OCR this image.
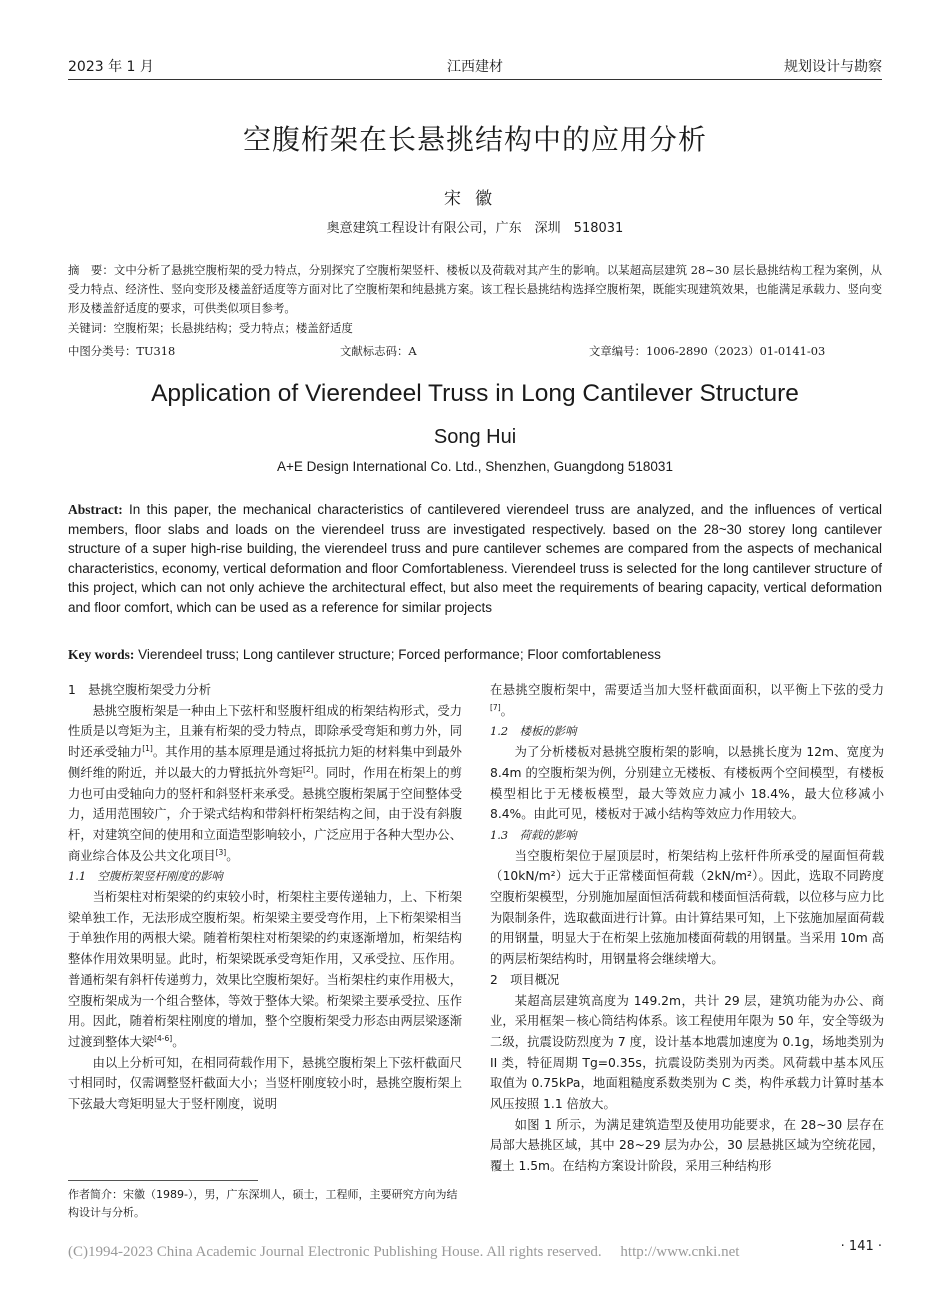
2023 年 1 月	江西建材	规划设计与勘察
空腹桁架在长悬挑结构中的应用分析
宋徽
奥意建筑工程设计有限公司，广东　深圳　518031
摘　要：文中分析了悬挑空腹桁架的受力特点，分别探究了空腹桁架竖杆、楼板以及荷载对其产生的影响。以某超高层建筑 28~30 层长悬挑结构工程为案例，从受力特点、经济性、竖向变形及楼盖舒适度等方面对比了空腹桁架和纯悬挑方案。该工程长悬挑结构选择空腹桁架，既能实现建筑效果，也能满足承载力、竖向变形及楼盖舒适度的要求，可供类似项目参考。
关键词：空腹桁架；长悬挑结构；受力特点；楼盖舒适度
中图分类号：TU318	文献标志码：A	文章编号：1006-2890（2023）01-0141-03
Application of Vierendeel Truss in Long Cantilever Structure
Song Hui
A+E Design International Co. Ltd., Shenzhen, Guangdong 518031
Abstract: In this paper, the mechanical characteristics of cantilevered vierendeel truss are analyzed, and the influences of vertical members, floor slabs and loads on the vierendeel truss are investigated respectively. based on the 28~30 storey long cantilever structure of a super high-rise building, the vierendeel truss and pure cantilever schemes are compared from the aspects of mechanical characteristics, economy, vertical deformation and floor Comfortableness. Vierendeel truss is selected for the long cantilever structure of this project, which can not only achieve the architectural effect, but also meet the requirements of bearing capacity, vertical deformation and floor comfort, which can be used as a reference for similar projects
Key words: Vierendeel truss; Long cantilever structure; Forced performance; Floor comfortableness
1　悬挑空腹桁架受力分析

悬挑空腹桁架是一种由上下弦杆和竖腹杆组成的桁架结构形式，受力性质是以弯矩为主，且兼有桁架的受力特点，即除承受弯矩和剪力外，同时还承受轴力[1]。其作用的基本原理是通过将抵抗力矩的材料集中到最外侧纤维的附近，并以最大的力臂抵抗外弯矩[2]。同时，作用在桁架上的剪力也可由受轴向力的竖杆和斜竖杆来承受。悬挑空腹桁架属于空间整体受力，适用范围较广，介于梁式结构和带斜杆桁架结构之间，由于没有斜腹杆，对建筑空间的使用和立面造型影响较小，广泛应用于各种大型办公、商业综合体及公共文化项目[3]。

1.1　空腹桁架竖杆刚度的影响

当桁架柱对桁架梁的约束较小时，桁架柱主要传递轴力，上、下桁架梁单独工作，无法形成空腹桁架。桁架梁主要受弯作用，上下桁架梁相当于单独作用的两根大梁。随着桁架柱对桁架梁的约束逐渐增加，桁架结构整体作用效果明显。此时，桁架梁既承受弯矩作用，又承受拉、压作用。普通桁架有斜杆传递剪力，效果比空腹桁架好。当桁架柱约束作用极大，空腹桁架成为一个组合整体，等效于整体大梁。桁架梁主要承受拉、压作用。因此，随着桁架柱刚度的增加，整个空腹桁架受力形态由两层梁逐渐过渡到整体大梁[4-6]。

由以上分析可知，在相同荷载作用下，悬挑空腹桁架上下弦杆截面尺寸相同时，仅需调整竖杆截面大小；当竖杆刚度较小时，悬挑空腹桁架上下弦最大弯矩明显大于竖杆刚度，说明

在悬挑空腹桁架中，需要适当加大竖杆截面面积，以平衡上下弦的受力[7]。

1.2　楼板的影响

为了分析楼板对悬挑空腹桁架的影响，以悬挑长度为 12m、宽度为 8.4m 的空腹桁架为例，分别建立无楼板、有楼板两个空间模型，有楼板模型相比于无楼板模型，最大等效应力减小 18.4%，最大位移减小 8.4%。由此可见，楼板对于减小结构等效应力作用较大。

1.3　荷载的影响

当空腹桁架位于屋顶层时，桁架结构上弦杆件所承受的屋面恒荷载（10kN/m²）远大于正常楼面恒荷载（2kN/m²）。因此，选取不同跨度空腹桁架模型，分别施加屋面恒活荷载和楼面恒活荷载，以位移与应力比为限制条件，选取截面进行计算。由计算结果可知，上下弦施加屋面荷载的用钢量，明显大于在桁架上弦施加楼面荷载的用钢量。当采用 10m 高的两层桁架结构时，用钢量将会继续增大。

2　项目概况

某超高层建筑高度为 149.2m，共计 29 层，建筑功能为办公、商业，采用框架－核心筒结构体系。该工程使用年限为 50 年，安全等级为二级，抗震设防烈度为 7 度，设计基本地震加速度为 0.1g，场地类别为 II 类，特征周期 Tg=0.35s，抗震设防类别为丙类。风荷载中基本风压取值为 0.75kPa，地面粗糙度系数类别为 C 类，构件承载力计算时基本风压按照 1.1 倍放大。

如图 1 所示，为满足建筑造型及使用功能要求，在 28~30 层存在局部大悬挑区域，其中 28~29 层为办公，30 层悬挑区域为空统花园，覆土 1.5m。在结构方案设计阶段，采用三种结构形

作者简介：宋徽（1989-），男，广东深圳人，硕士，工程师，主要研究方向为结构设计与分析。
(C)1994-2023 China Academic Journal Electronic Publishing House. All rights reserved.　 http://www.cnki.net	· 141 ·
